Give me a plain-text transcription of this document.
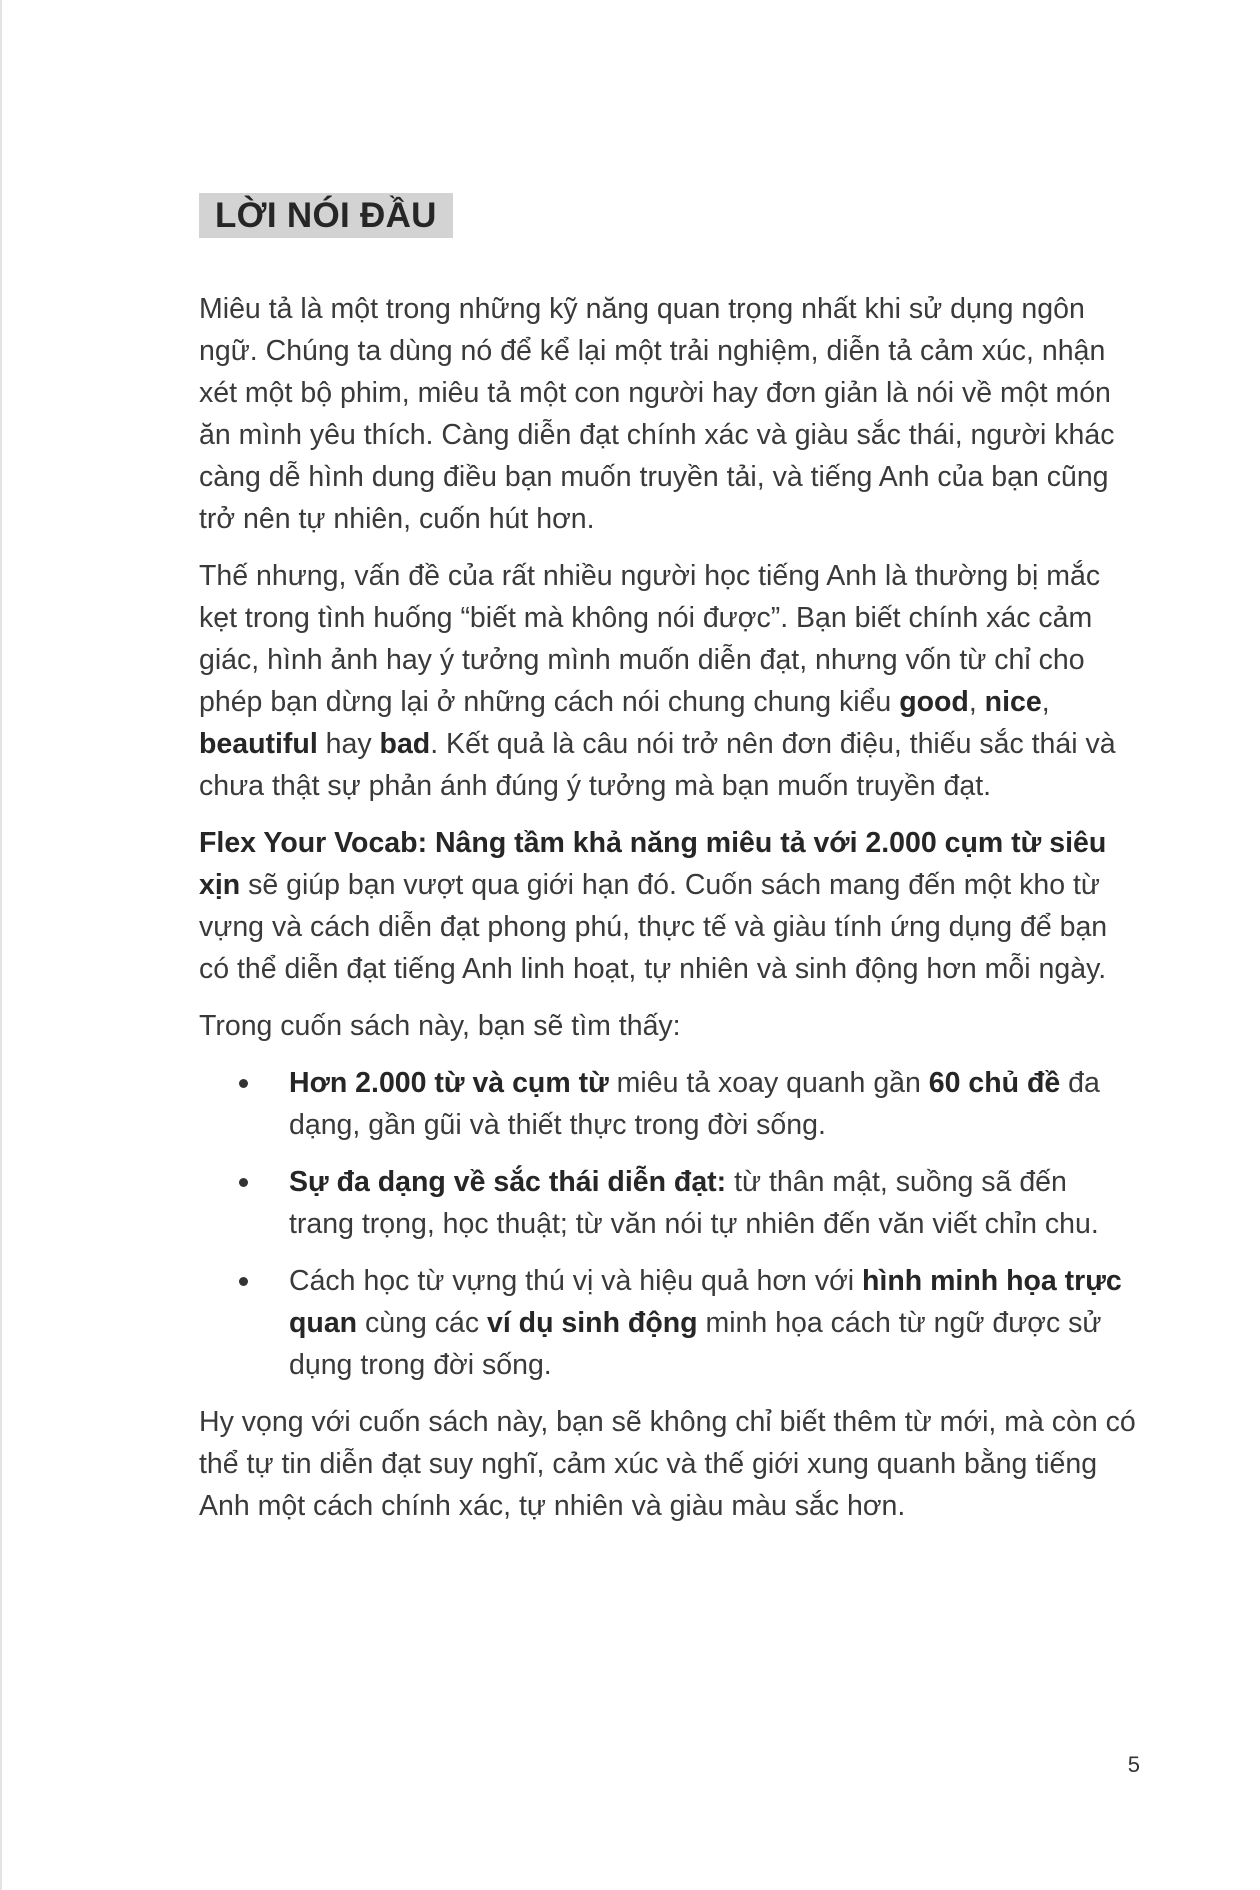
LỜI NÓI ĐẦU

Miêu tả là một trong những kỹ năng quan trọng nhất khi sử dụng ngôn ngữ. Chúng ta dùng nó để kể lại một trải nghiệm, diễn tả cảm xúc, nhận xét một bộ phim, miêu tả một con người hay đơn giản là nói về một món ăn mình yêu thích. Càng diễn đạt chính xác và giàu sắc thái, người khác càng dễ hình dung điều bạn muốn truyền tải, và tiếng Anh của bạn cũng trở nên tự nhiên, cuốn hút hơn.

Thế nhưng, vấn đề của rất nhiều người học tiếng Anh là thường bị mắc kẹt trong tình huống “biết mà không nói được”. Bạn biết chính xác cảm giác, hình ảnh hay ý tưởng mình muốn diễn đạt, nhưng vốn từ chỉ cho phép bạn dừng lại ở những cách nói chung chung kiểu good, nice, beautiful hay bad. Kết quả là câu nói trở nên đơn điệu, thiếu sắc thái và chưa thật sự phản ánh đúng ý tưởng mà bạn muốn truyền đạt.

Flex Your Vocab: Nâng tầm khả năng miêu tả với 2.000 cụm từ siêu xịn sẽ giúp bạn vượt qua giới hạn đó. Cuốn sách mang đến một kho từ vựng và cách diễn đạt phong phú, thực tế và giàu tính ứng dụng để bạn có thể diễn đạt tiếng Anh linh hoạt, tự nhiên và sinh động hơn mỗi ngày.

Trong cuốn sách này, bạn sẽ tìm thấy:

Hơn 2.000 từ và cụm từ miêu tả xoay quanh gần 60 chủ đề đa dạng, gần gũi và thiết thực trong đời sống.
Sự đa dạng về sắc thái diễn đạt: từ thân mật, suồng sã đến trang trọng, học thuật; từ văn nói tự nhiên đến văn viết chỉn chu.
Cách học từ vựng thú vị và hiệu quả hơn với hình minh họa trực quan cùng các ví dụ sinh động minh họa cách từ ngữ được sử dụng trong đời sống.

Hy vọng với cuốn sách này, bạn sẽ không chỉ biết thêm từ mới, mà còn có thể tự tin diễn đạt suy nghĩ, cảm xúc và thế giới xung quanh bằng tiếng Anh một cách chính xác, tự nhiên và giàu màu sắc hơn.

5
